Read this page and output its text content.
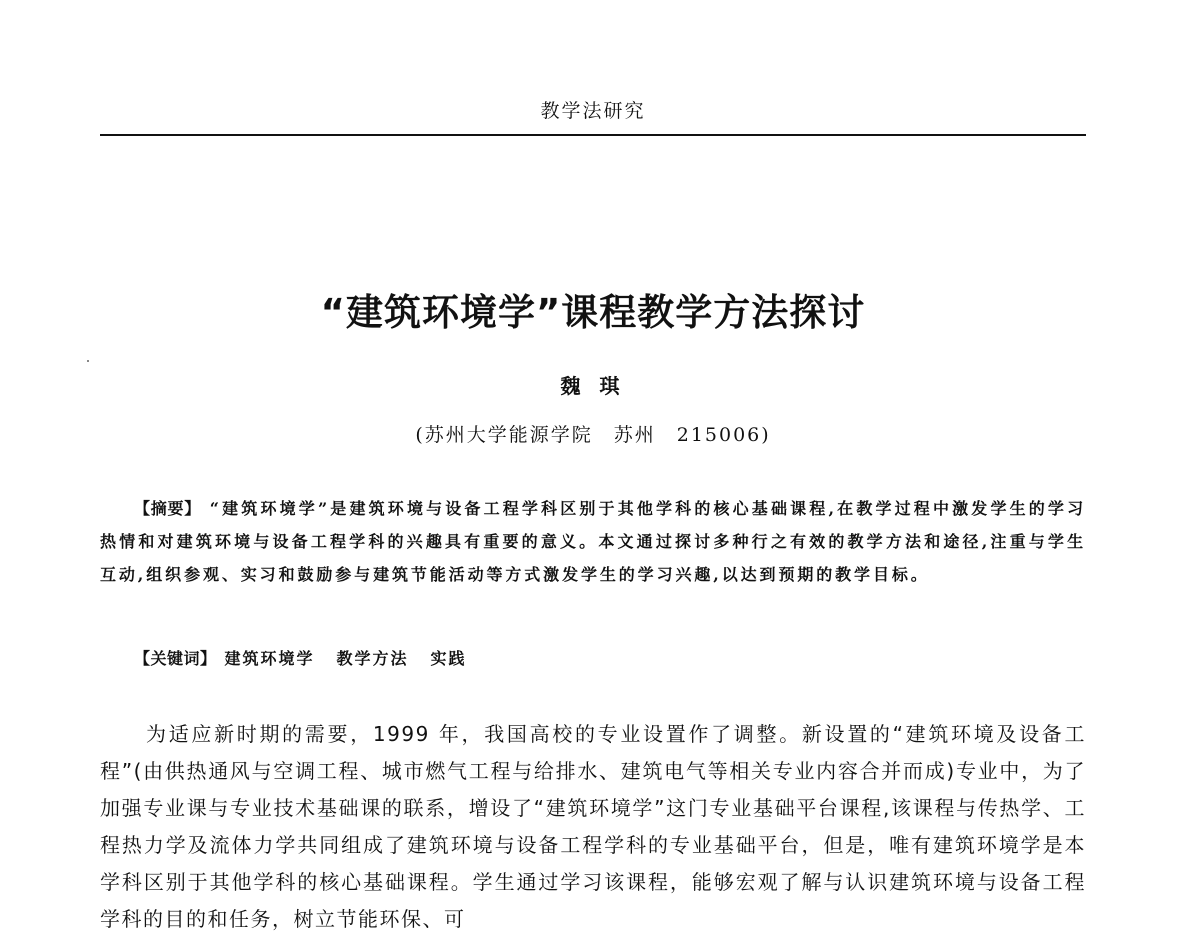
教学法研究
“建筑环境学”课程教学方法探讨
魏 琪
(苏州大学能源学院　苏州　215006)
【摘要】 “建筑环境学”是建筑环境与设备工程学科区别于其他学科的核心基础课程,在教学过程中激发学生的学习热情和对建筑环境与设备工程学科的兴趣具有重要的意义。本文通过探讨多种行之有效的教学方法和途径,注重与学生互动,组织参观、实习和鼓励参与建筑节能活动等方式激发学生的学习兴趣,以达到预期的教学目标。
【关键词】 建筑环境学 教学方法 实践
为适应新时期的需要，1999 年，我国高校的专业设置作了调整。新设置的“建筑环境及设备工程”(由供热通风与空调工程、城市燃气工程与给排水、建筑电气等相关专业内容合并而成)专业中，为了加强专业课与专业技术基础课的联系，增设了“建筑环境学”这门专业基础平台课程,该课程与传热学、工程热力学及流体力学共同组成了建筑环境与设备工程学科的专业基础平台，但是，唯有建筑环境学是本学科区别于其他学科的核心基础课程。学生通过学习该课程，能够宏观了解与认识建筑环境与设备工程学科的目的和任务，树立节能环保、可
